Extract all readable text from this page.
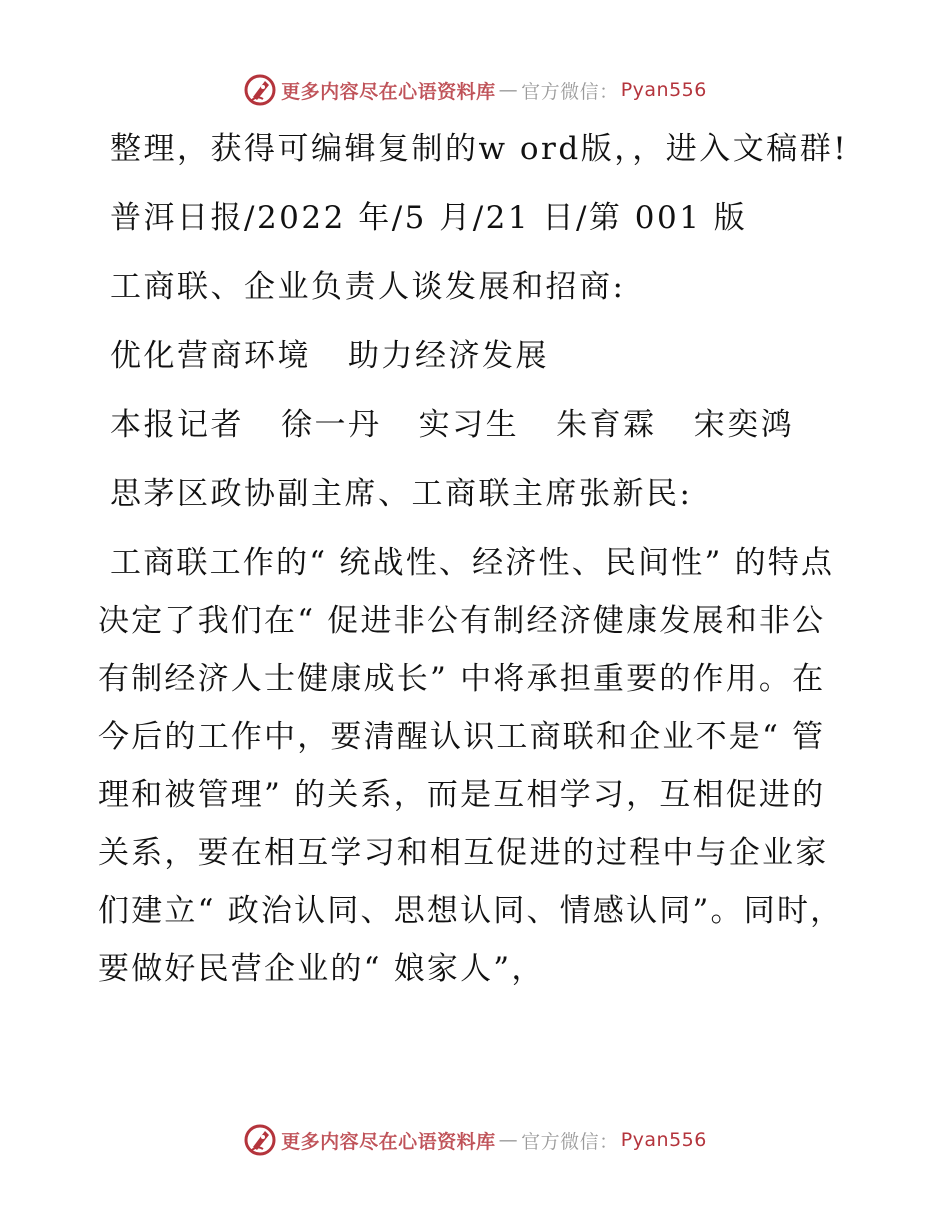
更多内容尽在心语资料库 — 官方微信： Pyan556

整理，获得可编辑复制的w ord版，，进入文稿群!

普洱日报/2022 年/5 月/21 日/第 001 版

工商联、企业负责人谈发展和招商:

优化营商环境   助力经济发展

本报记者   徐一丹   实习生   朱育霖   宋奕鸿

思茅区政协副主席、工商联主席张新民:

工商联工作的“ 统战性、经济性、民间性” 的特点决定了我们在“ 促进非公有制经济健康发展和非公有制经济人士健康成长” 中将承担重要的作用。在今后的工作中，要清醒认识工商联和企业不是“ 管理和被管理” 的关系，而是互相学习，互相促进的关系，要在相互学习和相互促进的过程中与企业家们建立“ 政治认同、思想认同、情感认同”。同时，要做好民营企业的“ 娘家人”，

更多内容尽在心语资料库 — 官方微信： Pyan556
